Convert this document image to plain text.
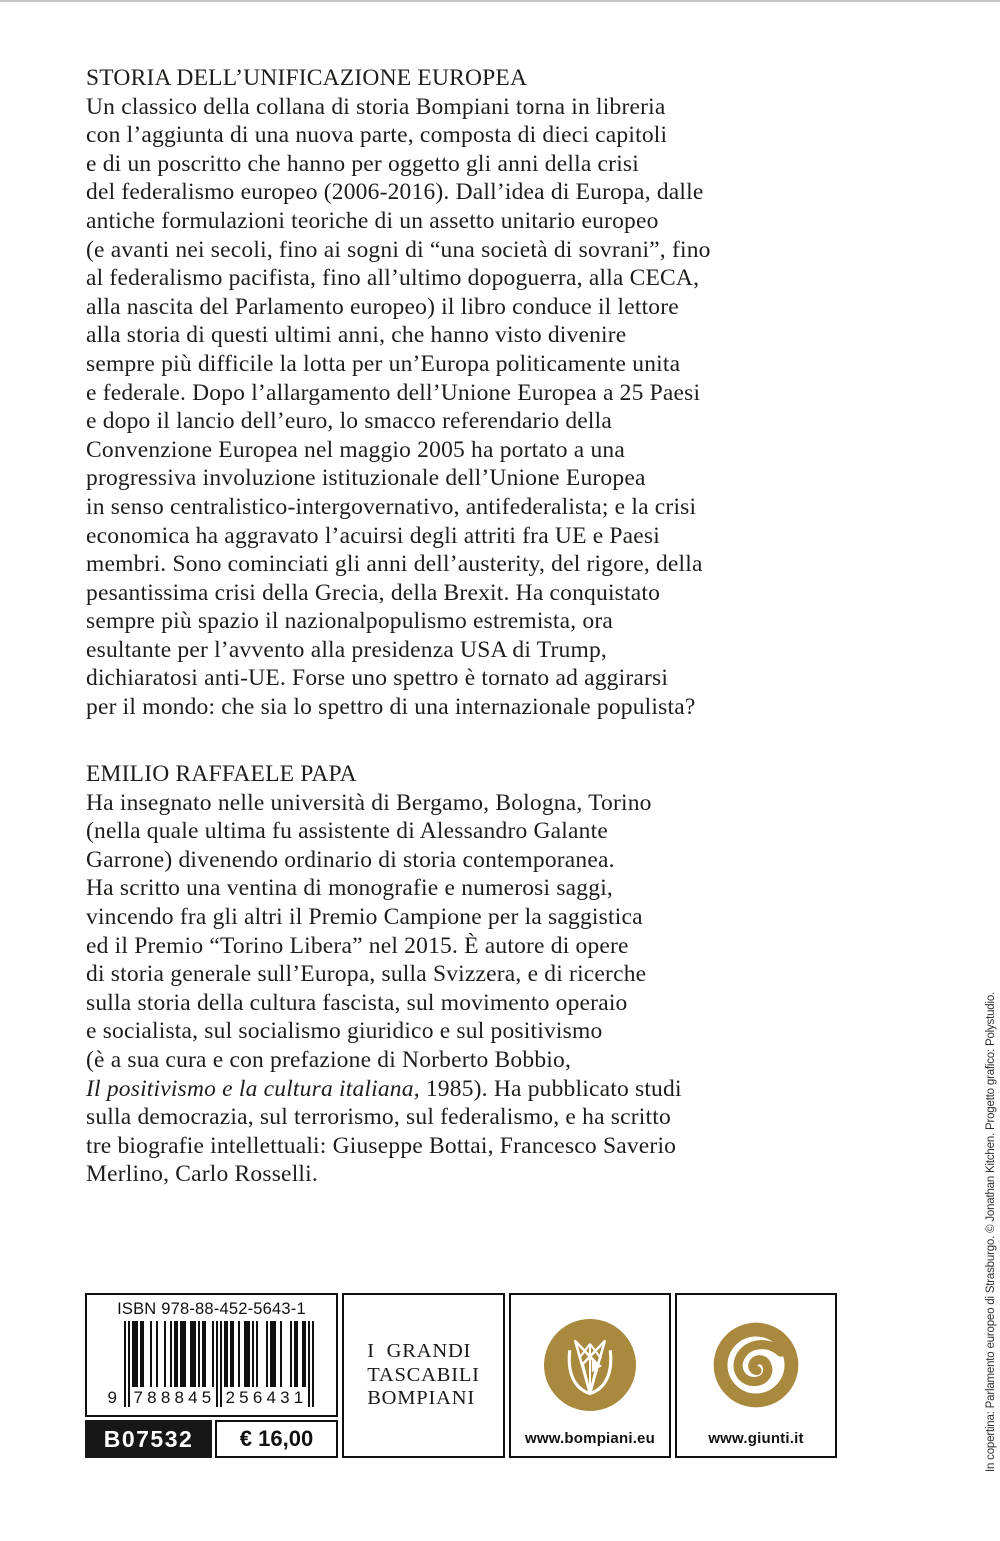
STORIA DELL’UNIFICAZIONE EUROPEA
Un classico della collana di storia Bompiani torna in libreria
con l’aggiunta di una nuova parte, composta di dieci capitoli
e di un poscritto che hanno per oggetto gli anni della crisi
del federalismo europeo (2006-2016). Dall’idea di Europa, dalle
antiche formulazioni teoriche di un assetto unitario europeo
(e avanti nei secoli, fino ai sogni di “una società di sovrani”, fino
al federalismo pacifista, fino all’ultimo dopoguerra, alla CECA,
alla nascita del Parlamento europeo) il libro conduce il lettore
alla storia di questi ultimi anni, che hanno visto divenire
sempre più difficile la lotta per un’Europa politicamente unita
e federale. Dopo l’allargamento dell’Unione Europea a 25 Paesi
e dopo il lancio dell’euro, lo smacco referendario della
Convenzione Europea nel maggio 2005 ha portato a una
progressiva involuzione istituzionale dell’Unione Europea
in senso centralistico-intergovernativo, antifederalista; e la crisi
economica ha aggravato l’acuirsi degli attriti fra UE e Paesi
membri. Sono cominciati gli anni dell’austerity, del rigore, della
pesantissima crisi della Grecia, della Brexit. Ha conquistato
sempre più spazio il nazionalpopulismo estremista, ora
esultante per l’avvento alla presidenza USA di Trump,
dichiaratosi anti-UE. Forse uno spettro è tornato ad aggirarsi
per il mondo: che sia lo spettro di una internazionale populista?
EMILIO RAFFAELE PAPA
Ha insegnato nelle università di Bergamo, Bologna, Torino
(nella quale ultima fu assistente di Alessandro Galante
Garrone) divenendo ordinario di storia contemporanea.
Ha scritto una ventina di monografie e numerosi saggi,
vincendo fra gli altri il Premio Campione per la saggistica
ed il Premio “Torino Libera” nel 2015. È autore di opere
di storia generale sull’Europa, sulla Svizzera, e di ricerche
sulla storia della cultura fascista, sul movimento operaio
e socialista, sul socialismo giuridico e sul positivismo
(è a sua cura e con prefazione di Norberto Bobbio,
Il positivismo e la cultura italiana, 1985). Ha pubblicato studi
sulla democrazia, sul terrorismo, sul federalismo, e ha scritto
tre biografie intellettuali: Giuseppe Bottai, Francesco Saverio
Merlino, Carlo Rosselli.	In copertina: Parlamento europeo di Strasburgo. © Jonathan Kitchen. Progetto grafico: Polystudio.
ISBN 978-88-452-5643-1
9 788845 256431
B07532	€ 16,00
I  GRANDI
TASCABILI
BOMPIANI
www.bompiani.eu	www.giunti.it
